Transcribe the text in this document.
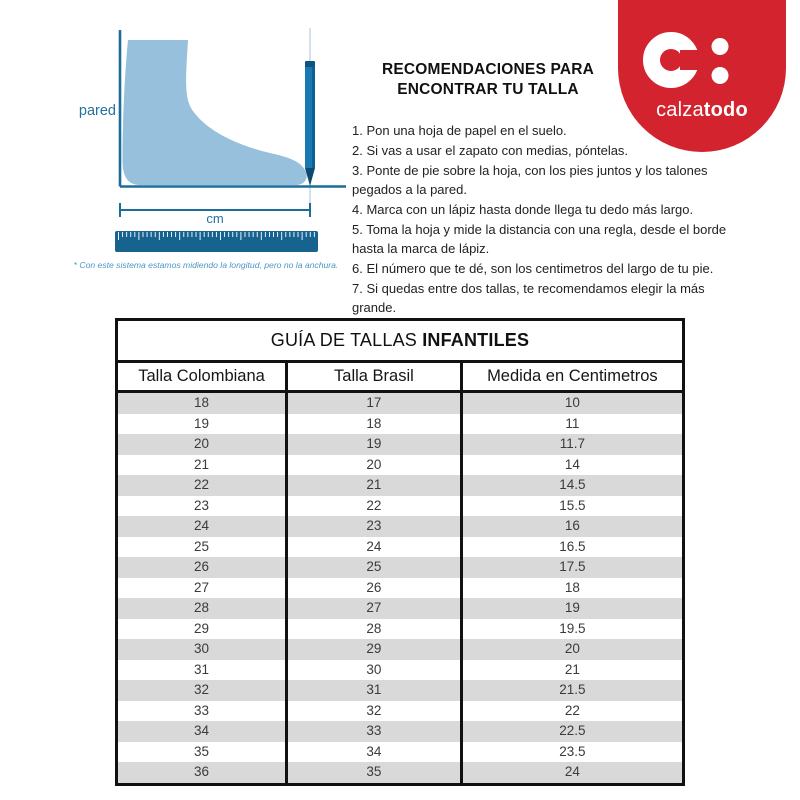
pared
cm
* Con este sistema estamos midiendo la longitud, pero no la anchura.
RECOMENDACIONES PARA ENCONTRAR TU TALLA
1. Pon una hoja de papel en el suelo.
2. Si vas a usar el zapato con medias, póntelas.
3. Ponte de pie sobre la hoja, con los pies juntos y los talones pegados a la pared.
4. Marca con un lápiz hasta donde llega tu dedo más largo.
5. Toma la hoja y mide la distancia con una regla, desde el borde hasta la marca de lápiz.
6. El número que te dé, son los centimetros del largo de tu pie.
7. Si quedas entre dos tallas, te recomendamos elegir la más grande.
calzatodo
GUÍA DE TALLAS INFANTILES		
Talla Colombiana	Talla Brasil	Medida en Centimetros
18	17	10
19	18	11
20	19	11.7
21	20	14
22	21	14.5
23	22	15.5
24	23	16
25	24	16.5
26	25	17.5
27	26	18
28	27	19
29	28	19.5
30	29	20
31	30	21
32	31	21.5
33	32	22
34	33	22.5
35	34	23.5
36	35	24
